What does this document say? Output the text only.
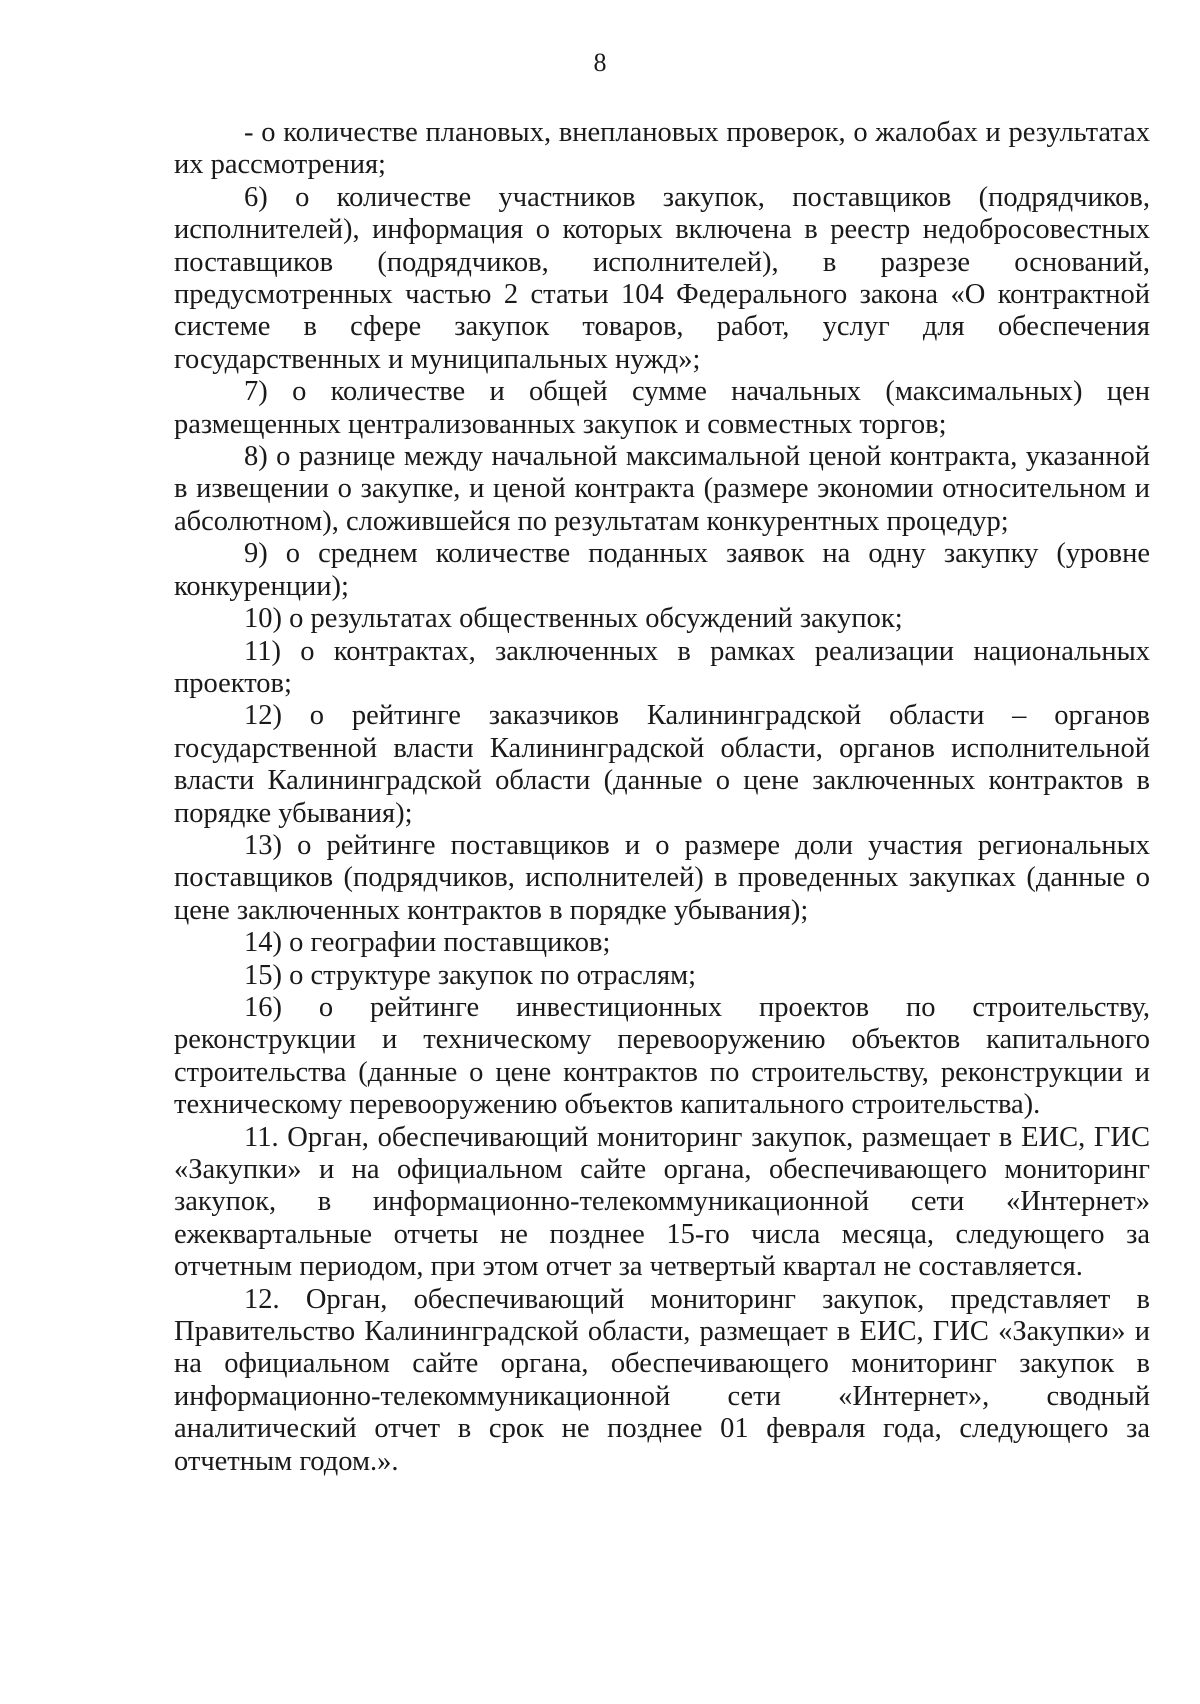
8

- о количестве плановых, внеплановых проверок, о жалобах и результатах их рассмотрения;

6) о количестве участников закупок, поставщиков (подрядчиков, исполнителей), информация о которых включена в реестр недобросовестных поставщиков (подрядчиков, исполнителей), в разрезе оснований, предусмотренных частью 2 статьи 104 Федерального закона «О контрактной системе в сфере закупок товаров, работ, услуг для обеспечения государственных и муниципальных нужд»;

7) о количестве и общей сумме начальных (максимальных) цен размещенных централизованных закупок и совместных торгов;

8) о разнице между начальной максимальной ценой контракта, указанной в извещении о закупке, и ценой контракта (размере экономии относительном и абсолютном), сложившейся по результатам конкурентных процедур;

9) о среднем количестве поданных заявок на одну закупку (уровне конкуренции);

10) о результатах общественных обсуждений закупок;

11) о контрактах, заключенных в рамках реализации национальных проектов;

12) о рейтинге заказчиков Калининградской области – органов государственной власти Калининградской области, органов исполнительной власти Калининградской области (данные о цене заключенных контрактов в порядке убывания);

13) о рейтинге поставщиков и о размере доли участия региональных поставщиков (подрядчиков, исполнителей) в проведенных закупках (данные о цене заключенных контрактов в порядке убывания);

14) о географии поставщиков;

15) о структуре закупок по отраслям;

16) о рейтинге инвестиционных проектов по строительству, реконструкции и техническому перевооружению объектов капитального строительства (данные о цене контрактов по строительству, реконструкции и техническому перевооружению объектов капитального строительства).

11. Орган, обеспечивающий мониторинг закупок, размещает в ЕИС, ГИС «Закупки» и на официальном сайте органа, обеспечивающего мониторинг закупок, в информационно-телекоммуникационной сети «Интернет» ежеквартальные отчеты не позднее 15-го числа месяца, следующего за отчетным периодом, при этом отчет за четвертый квартал не составляется.

12. Орган, обеспечивающий мониторинг закупок, представляет в Правительство Калининградской области, размещает в ЕИС, ГИС «Закупки» и на официальном сайте органа, обеспечивающего мониторинг закупок в информационно-телекоммуникационной сети «Интернет», сводный аналитический отчет в срок не позднее 01 февраля года, следующего за отчетным годом.».
